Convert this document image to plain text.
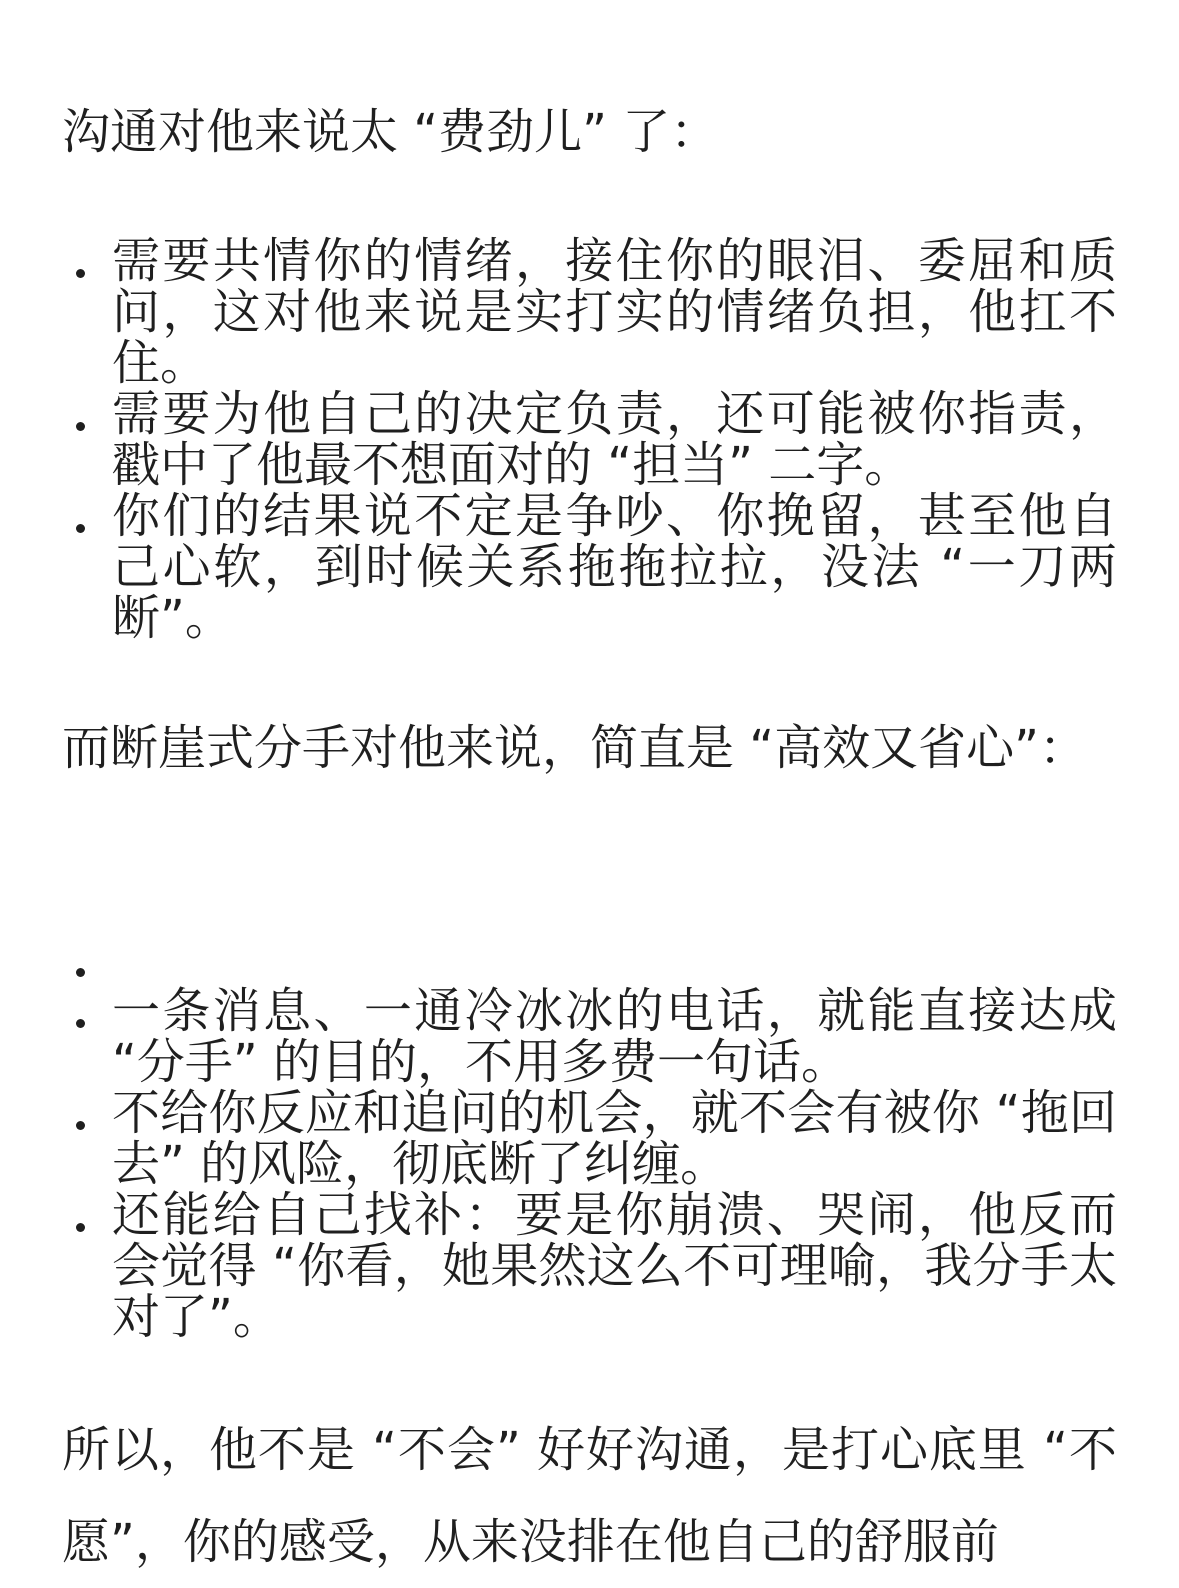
沟通对他来说太 “费劲儿” 了：

需要共情你的情绪，接住你的眼泪、委屈和质问，这对他来说是实打实的情绪负担，他扛不住。
需要为他自己的决定负责，还可能被你指责，戳中了他最不想面对的 “担当” 二字。
你们的结果说不定是争吵、你挽留，甚至他自己心软，到时候关系拖拖拉拉，没法 “一刀两断”。

而断崖式分手对他来说，简直是 “高效又省心”：

一条消息、一通冷冰冰的电话，就能直接达成 “分手” 的目的，不用多费一句话。
不给你反应和追问的机会，就不会有被你 “拖回去” 的风险，彻底断了纠缠。
还能给自己找补：要是你崩溃、哭闹，他反而会觉得 “你看，她果然这么不可理喻，我分手太对了”。

所以，他不是 “不会” 好好沟通，是打心底里 “不愿”，你的感受，从来没排在他自己的舒服前
